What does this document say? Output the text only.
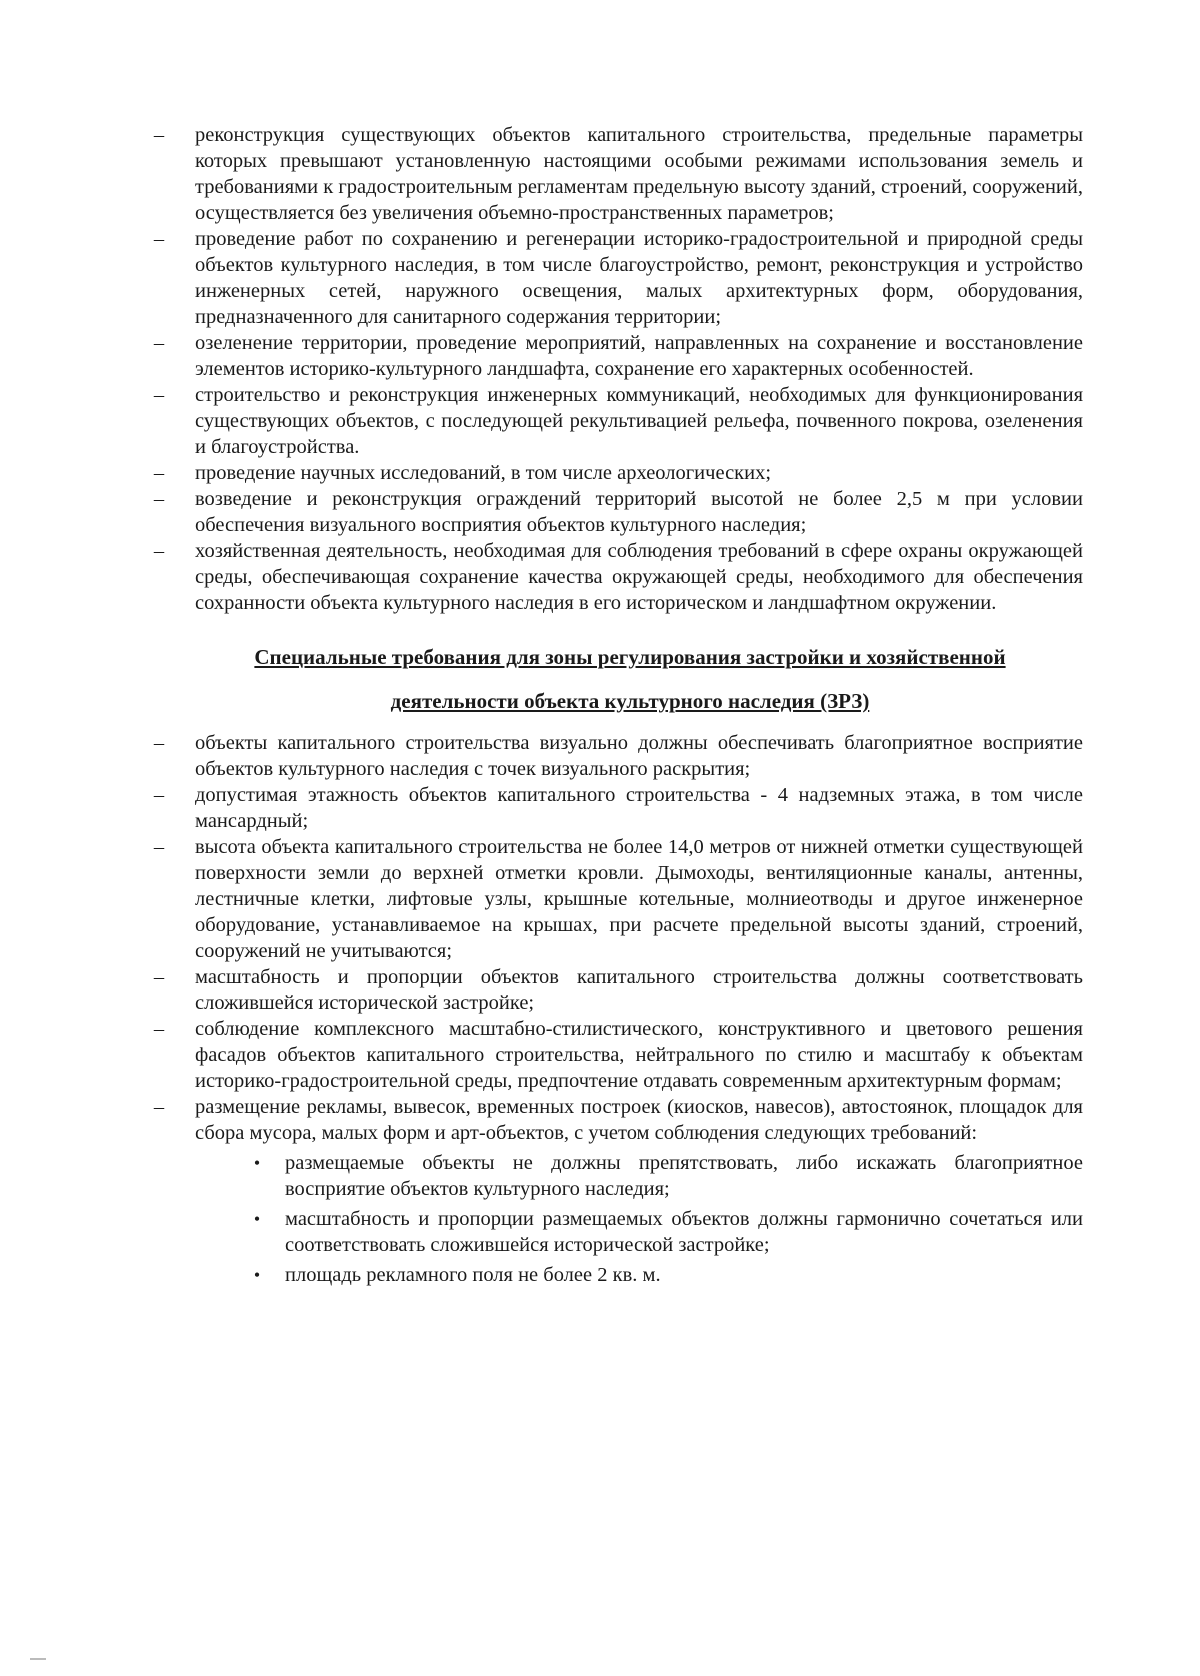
–	реконструкция существующих объектов капитального строительства, предельные параметры которых превышают установленную настоящими особыми режимами использования земель и требованиями к градостроительным регламентам предельную высоту зданий, строений, сооружений, осуществляется без увеличения объемно-пространственных параметров;
–	проведение работ по сохранению и регенерации историко-градостроительной и природной среды объектов культурного наследия, в том числе благоустройство, ремонт, реконструкция и устройство инженерных сетей, наружного освещения, малых архитектурных форм, оборудования, предназначенного для санитарного содержания территории;
–	озеленение территории, проведение мероприятий, направленных на сохранение и восстановление элементов историко-культурного ландшафта, сохранение его характерных особенностей.
–	строительство и реконструкция инженерных коммуникаций, необходимых для функционирования существующих объектов, с последующей рекультивацией рельефа, почвенного покрова, озеленения и благоустройства.
–	проведение научных исследований, в том числе археологических;
–	возведение и реконструкция ограждений территорий высотой не более 2,5 м при условии обеспечения визуального восприятия объектов культурного наследия;
–	хозяйственная деятельность, необходимая для соблюдения требований в сфере охраны окружающей среды, обеспечивающая сохранение качества окружающей среды, необходимого для обеспечения сохранности объекта культурного наследия в его историческом и ландшафтном окружении.

Специальные требования для зоны регулирования застройки и хозяйственной

деятельности объекта культурного наследия (ЗРЗ)

–	объекты капитального строительства визуально должны обеспечивать благоприятное восприятие объектов культурного наследия с точек визуального раскрытия;
–	допустимая этажность объектов капитального строительства - 4 надземных этажа, в том числе мансардный;
–	высота объекта капитального строительства не более 14,0 метров от нижней отметки существующей поверхности земли до верхней отметки кровли. Дымоходы, вентиляционные каналы, антенны, лестничные клетки, лифтовые узлы, крышные котельные, молниеотводы и другое инженерное оборудование, устанавливаемое на крышах, при расчете предельной высоты зданий, строений, сооружений не учитываются;
–	масштабность и пропорции объектов капитального строительства должны соответствовать сложившейся исторической застройке;
–	соблюдение комплексного масштабно-стилистического, конструктивного и цветового решения фасадов объектов капитального строительства, нейтрального по стилю и масштабу к объектам историко-градостроительной среды, предпочтение отдавать современным архитектурным формам;
–	размещение рекламы, вывесок, временных построек (киосков, навесов), автостоянок, площадок для сбора мусора, малых форм и арт-объектов, с учетом соблюдения следующих требований:
• размещаемые объекты не должны препятствовать, либо искажать благоприятное восприятие объектов культурного наследия;
• масштабность и пропорции размещаемых объектов должны гармонично сочетаться или соответствовать сложившейся исторической застройке;
• площадь рекламного поля не более 2 кв. м.
